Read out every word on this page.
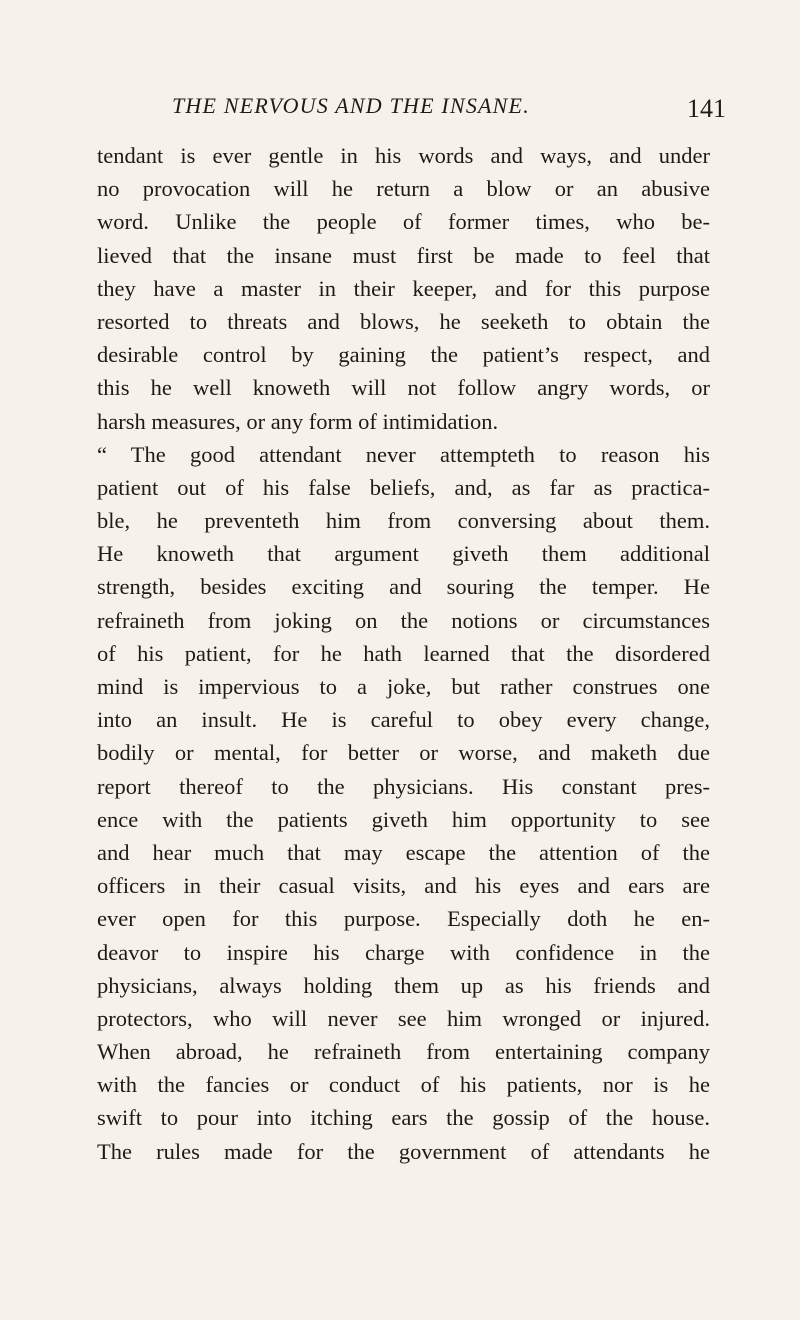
THE NERVOUS AND THE INSANE.	141
tendant is ever gentle in his words and ways, and under
no provocation will he return a blow or an abusive
word. Unlike the people of former times, who be-
lieved that the insane must first be made to feel that
they have a master in their keeper, and for this purpose
resorted to threats and blows, he seeketh to obtain the
desirable control by gaining the patient’s respect, and
this he well knoweth will not follow angry words, or
harsh measures, or any form of intimidation.
“ The good attendant never attempteth to reason his
patient out of his false beliefs, and, as far as practica-
ble, he preventeth him from conversing about them.
He knoweth that argument giveth them additional
strength, besides exciting and souring the temper. He
refraineth from joking on the notions or circumstances
of his patient, for he hath learned that the disordered
mind is impervious to a joke, but rather construes one
into an insult. He is careful to obey every change,
bodily or mental, for better or worse, and maketh due
report thereof to the physicians. His constant pres-
ence with the patients giveth him opportunity to see
and hear much that may escape the attention of the
officers in their casual visits, and his eyes and ears are
ever open for this purpose. Especially doth he en-
deavor to inspire his charge with confidence in the
physicians, always holding them up as his friends and
protectors, who will never see him wronged or injured.
When abroad, he refraineth from entertaining company
with the fancies or conduct of his patients, nor is he
swift to pour into itching ears the gossip of the house.
The rules made for the government of attendants he
